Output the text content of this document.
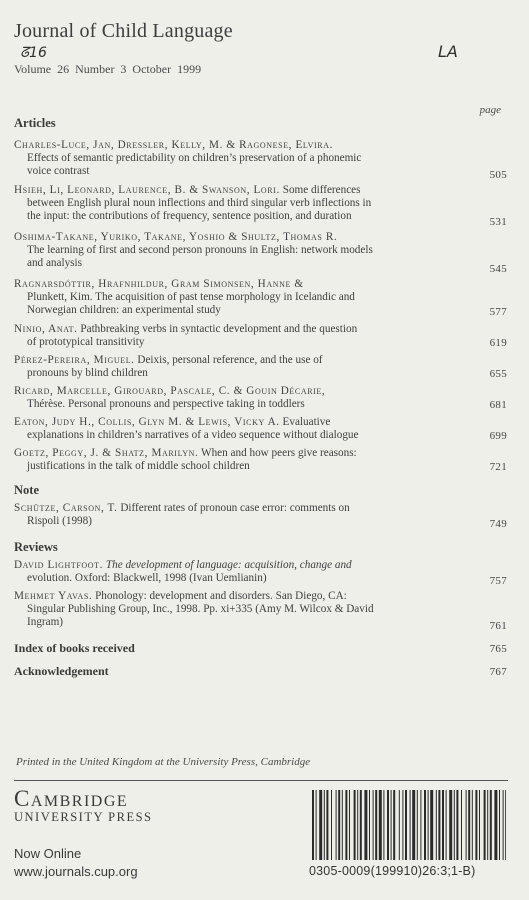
Journal of Child Language
ᘔ16	LA
Volume 26 Number 3 October 1999
page
Articles
Charles-Luce, Jan, Dressler, Kelly, M. & Ragonese, Elvira.
Effects of semantic predictability on children’s preservation of a phonemic
voice contrast	505
Hsieh, Li, Leonard, Laurence, B. & Swanson, Lori. Some differences
between English plural noun inflections and third singular verb inflections in
the input: the contributions of frequency, sentence position, and duration	531
Oshima-Takane, Yuriko, Takane, Yoshio & Shultz, Thomas R.
The learning of first and second person pronouns in English: network models
and analysis	545
Ragnarsdóttir, Hrafnhildur, Gram Simonsen, Hanne &
Plunkett, Kim. The acquisition of past tense morphology in Icelandic and
Norwegian children: an experimental study	577
Ninio, Anat. Pathbreaking verbs in syntactic development and the question
of prototypical transitivity	619
Pérez-Pereira, Miguel. Deixis, personal reference, and the use of
pronouns by blind children	655
Ricard, Marcelle, Girouard, Pascale, C. & Gouin Décarie,
Thérèse. Personal pronouns and perspective taking in toddlers	681
Eaton, Judy H., Collis, Glyn M. & Lewis, Vicky A. Evaluative
explanations in children’s narratives of a video sequence without dialogue	699
Goetz, Peggy, J. & Shatz, Marilyn. When and how peers give reasons:
justifications in the talk of middle school children	721
Note
Schütze, Carson, T. Different rates of pronoun case error: comments on
Rispoli (1998)	749
Reviews
David Lightfoot. The development of language: acquisition, change and
evolution. Oxford: Blackwell, 1998 (Ivan Uemlianin)	757
Mehmet Yavas. Phonology: development and disorders. San Diego, CA:
Singular Publishing Group, Inc., 1998. Pp. xi+335 (Amy M. Wilcox & David
Ingram)	761
Index of books received	765
Acknowledgement	767
Printed in the United Kingdom at the University Press, Cambridge
Cambridge
UNIVERSITY PRESS
Now Online
www.journals.cup.org	0305-0009(199910)26:3;1-B)
